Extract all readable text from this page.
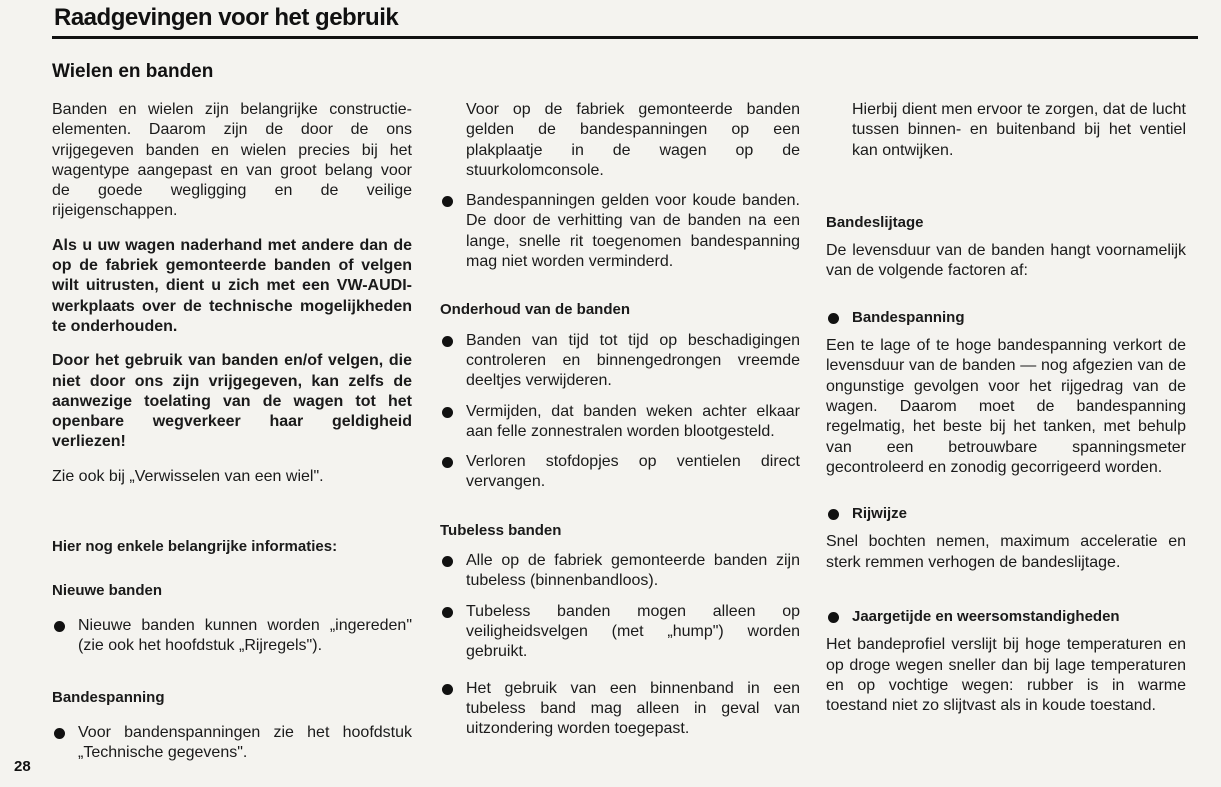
Raadgevingen voor het gebruik
Wielen en banden

Banden en wielen zijn belangrijke constructie-elementen. Daarom zijn de door de ons vrijgegeven banden en wielen precies bij het wagentype aangepast en van groot belang voor de goede wegligging en de veilige rijeigenschappen.

Als u uw wagen naderhand met andere dan de op de fabriek gemonteerde banden of velgen wilt uitrusten, dient u zich met een VW-AUDI-werkplaats over de technische mogelijkheden te onderhouden.

Door het gebruik van banden en/of velgen, die niet door ons zijn vrijgegeven, kan zelfs de aanwezige toelating van de wagen tot het openbare wegverkeer haar geldigheid verliezen!

Zie ook bij „Verwisselen van een wiel".

Hier nog enkele belangrijke informaties:

Nieuwe banden

Nieuwe banden kunnen worden „ingereden" (zie ook het hoofdstuk „Rijregels").

Bandespanning

Voor bandenspanningen zie het hoofdstuk „Technische gegevens".

Voor op de fabriek gemonteerde banden gelden de bandespanningen op een plakplaatje in de wagen op de stuurkolomconsole.

Bandespanningen gelden voor koude banden. De door de verhitting van de banden na een lange, snelle rit toegenomen bandespanning mag niet worden verminderd.

Onderhoud van de banden

Banden van tijd tot tijd op beschadigingen controleren en binnengedrongen vreemde deeltjes verwijderen.
Vermijden, dat banden weken achter elkaar aan felle zonnestralen worden blootgesteld.
Verloren stofdopjes op ventielen direct vervangen.

Tubeless banden

Alle op de fabriek gemonteerde banden zijn tubeless (binnenbandloos).
Tubeless banden mogen alleen op veiligheidsvelgen (met „hump") worden gebruikt.
Het gebruik van een binnenband in een tubeless band mag alleen in geval van uitzondering worden toegepast.

Hierbij dient men ervoor te zorgen, dat de lucht tussen binnen- en buitenband bij het ventiel kan ontwijken.

Bandeslijtage

De levensduur van de banden hangt voornamelijk van de volgende factoren af:

Bandespanning

Een te lage of te hoge bandespanning verkort de levensduur van de banden — nog afgezien van de ongunstige gevolgen voor het rijgedrag van de wagen. Daarom moet de bandespanning regelmatig, het beste bij het tanken, met behulp van een betrouwbare spanningsmeter gecontroleerd en zonodig gecorrigeerd worden.

Rijwijze

Snel bochten nemen, maximum acceleratie en sterk remmen verhogen de bandeslijtage.

Jaargetijde en weersomstandigheden

Het bandeprofiel verslijt bij hoge temperaturen en op droge wegen sneller dan bij lage temperaturen en op vochtige wegen: rubber is in warme toestand niet zo slijtvast als in koude toestand.

28
